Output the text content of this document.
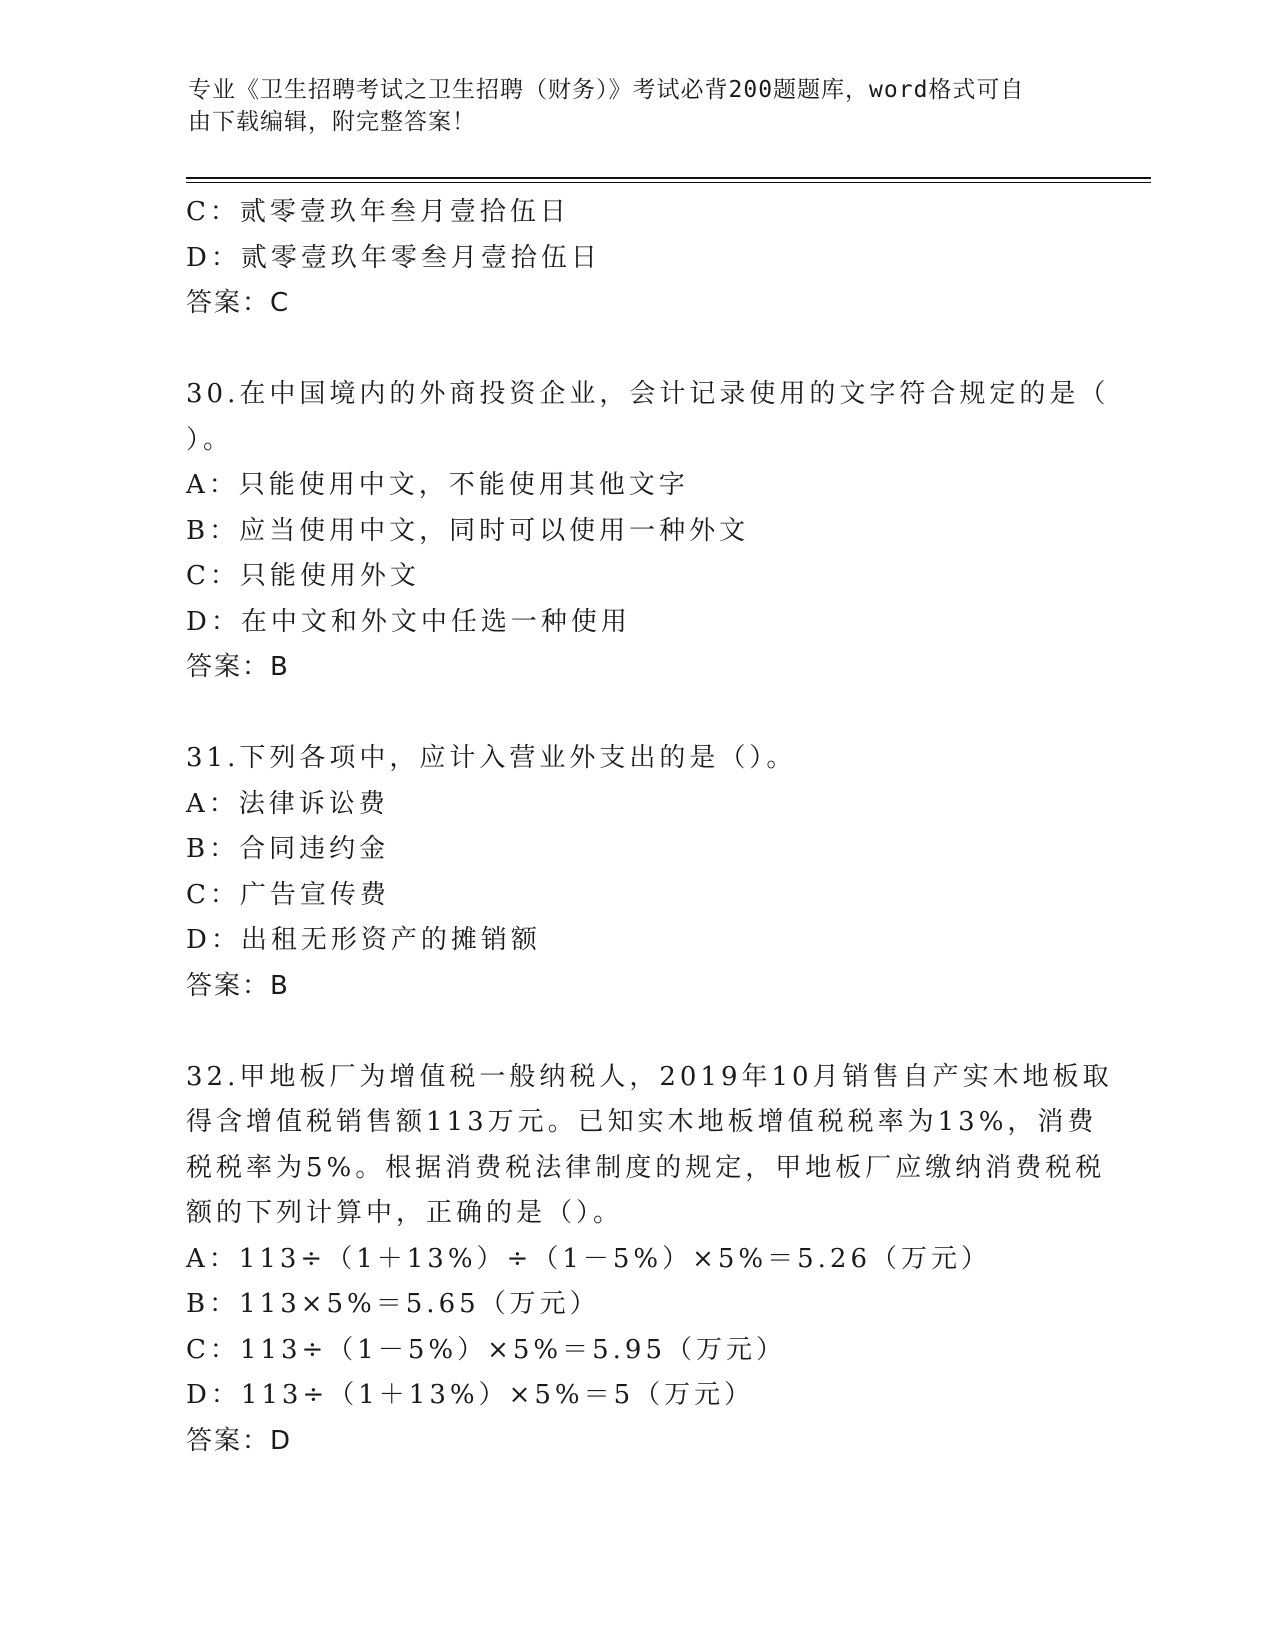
专业《卫生招聘考试之卫生招聘（财务）》考试必背200题题库，word格式可自
由下载编辑，附完整答案！
C：贰零壹玖年叁月壹拾伍日
D：贰零壹玖年零叁月壹拾伍日
答案：C
30.在中国境内的外商投资企业，会计记录使用的文字符合规定的是（
）。
A：只能使用中文，不能使用其他文字
B：应当使用中文，同时可以使用一种外文
C：只能使用外文
D：在中文和外文中任选一种使用
答案：B
31.下列各项中，应计入营业外支出的是（）。
A：法律诉讼费
B：合同违约金
C：广告宣传费
D：出租无形资产的摊销额
答案：B
32.甲地板厂为增值税一般纳税人，2019年10月销售自产实木地板取
得含增值税销售额113万元。已知实木地板增值税税率为13%，消费
税税率为5%。根据消费税法律制度的规定，甲地板厂应缴纳消费税税
额的下列计算中，正确的是（）。
A：113÷（1＋13%）÷（1－5%）×5%＝5.26（万元）
B：113×5%＝5.65（万元）
C：113÷（1－5%）×5%＝5.95（万元）
D：113÷（1＋13%）×5%＝5（万元）
答案：D
